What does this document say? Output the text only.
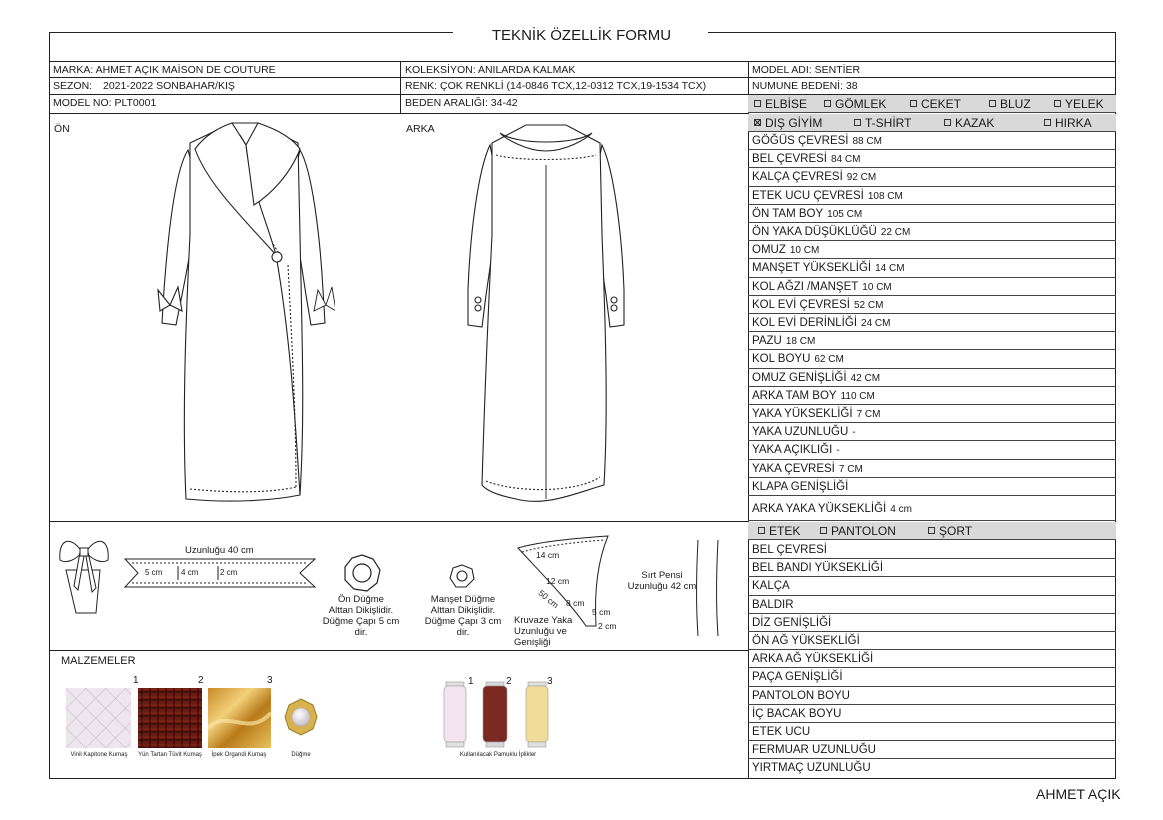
TEKNİK ÖZELLİK FORMU
MARKA: AHMET AÇIK MAİSON DE COUTURE
SEZON: 2021-2022 SONBAHAR/KIŞ
MODEL NO: PLT0001
KOLEKSİYON: ANILARDA KALMAK
RENK: ÇOK RENKLİ (14-0846 TCX,12-0312 TCX,19-1534 TCX)
BEDEN ARALIĞI: 34-42
MODEL ADI: SENTİER
NUMUNE BEDENİ: 38
ELBİSE	GÖMLEK	CEKET	BLUZ	YELEK
DIŞ GİYİM	T-SHİRT	KAZAK	HIRKA
ÖN	ARKA
GÖĞÜS ÇEVRESİ 88 CM
BEL ÇEVRESİ 84 CM
KALÇA ÇEVRESİ 92 CM
ETEK UCU ÇEVRESİ 108 CM
ÖN TAM BOY 105 CM
ÖN YAKA DÜŞÜKLÜĞÜ 22 CM
OMUZ 10 CM
MANŞET YÜKSEKLİĞİ 14 CM
KOL AĞZI /MANŞET 10 CM
KOL EVİ ÇEVRESİ 52 CM
KOL EVİ DERİNLİĞİ 24 CM
PAZU 18 CM
KOL BOYU 62 CM
OMUZ GENİŞLİĞİ 42 CM
ARKA TAM BOY 110 CM
YAKA YÜKSEKLİĞİ 7 CM
YAKA UZUNLUĞU -
YAKA AÇIKLIĞI -
YAKA ÇEVRESİ 7 CM
KLAPA GENİŞLİĞİ
ARKA YAKA YÜKSEKLİĞİ 4 cm
ETEK	PANTOLON	ŞORT
BEL ÇEVRESİ
BEL BANDI YÜKSEKLİĞİ
KALÇA
BALDIR
DİZ GENİŞLİĞİ
ÖN AĞ YÜKSEKLİĞİ
ARKA AĞ YÜKSEKLİĞİ
PAÇA GENİŞLİĞİ
PANTOLON BOYU
İÇ BACAK BOYU
ETEK UCU
FERMUAR UZUNLUĞU
YIRTMAÇ UZUNLUĞU
Uzunluğu 40 cm
5 cm 4 cm	2 cm
Ön Düğme
Alttan Dikişlidir.
Düğme Çapı 5 cm dir.
Manşet Düğme
Alttan Dikişlidir.
Düğme Çapı 3 cm dir.
14 cm
12 cm
8 cm
50 cm
5 cm
2 cm
Kruvaze Yaka
Uzunluğu ve
Genişliği
Sırt Pensi
Uzunluğu 42 cm
MALZEMELER
1
Vinil Kapitone Kumaş
2
Yün Tartan Tüvit Kumaş
3
İpek Organdi Kumaş	Düğme
1	2	3
Kullanılacak Pamuklu İplikler
AHMET AÇIK
